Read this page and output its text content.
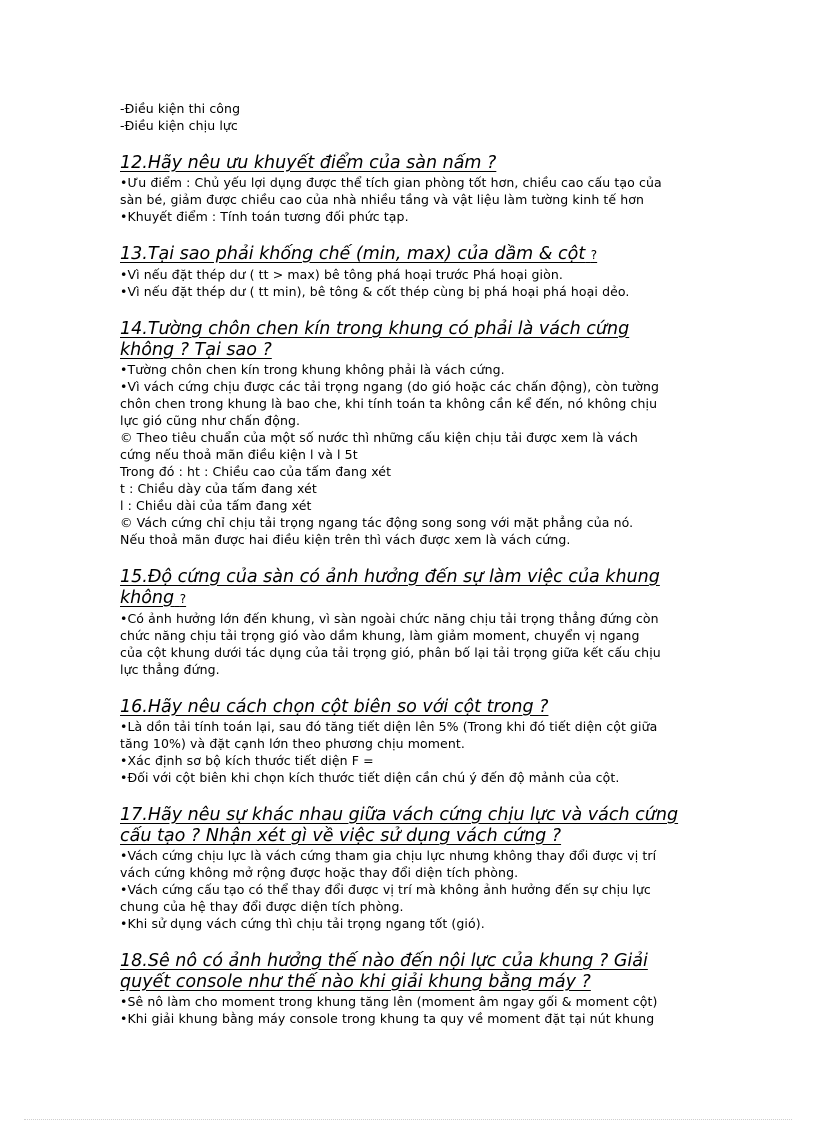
-Điều kiện thi công
-Điều kiện chịu lực
12.Hãy nêu ưu khuyết điểm của sàn nấm ?
•Ưu điểm : Chủ yếu lợi dụng được thể tích gian phòng tốt hơn, chiều cao cấu tạo của
sàn bé, giảm được chiều cao của nhà nhiều tầng và vật liệu làm tường kinh tế hơn
•Khuyết điểm : Tính toán tương đối phức tạp.
13.Tại sao phải khống chế (min, max) của dầm & cột ?
•Vì nếu đặt thép dư ( tt > max) bê tông phá hoại trước Phá hoại giòn.
•Vì nếu đặt thép dư ( tt min), bê tông & cốt thép cùng bị phá hoại phá hoại dẻo.
14.Tường chôn chen kín trong khung có phải là vách cứng
không ? Tại sao ?
•Tường chôn chen kín trong khung không phải là vách cứng.
•Vì vách cứng chịu được các tải trọng ngang (do gió hoặc các chấn động), còn tường
chôn chen trong khung là bao che, khi tính toán ta không cần kể đến, nó không chịu
lực gió cũng như chấn động.
© Theo tiêu chuẩn của một số nước thì những cấu kiện chịu tải được xem là vách
cứng nếu thoả mãn điều kiện l và l 5t
Trong đó : ht : Chiều cao của tấm đang xét
t : Chiều dày của tấm đang xét
l : Chiều dài của tấm đang xét
© Vách cứng chỉ chịu tải trọng ngang tác động song song với mặt phẳng của nó.
Nếu thoả mãn được hai điều kiện trên thì vách được xem là vách cứng.
15.Độ cứng của sàn có ảnh hưởng đến sự làm việc của khung
không ?
•Có ảnh hưởng lớn đến khung, vì sàn ngoài chức năng chịu tải trọng thẳng đứng còn
chức năng chịu tải trọng gió vào dầm khung, làm giảm moment, chuyển vị ngang
của cột khung dưới tác dụng của tải trọng gió, phân bố lại tải trọng giữa kết cấu chịu
lực thẳng đứng.
16.Hãy nêu cách chọn cột biên so với cột trong ?
•Là dồn tải tính toán lại, sau đó tăng tiết diện lên 5% (Trong khi đó tiết diện cột giữa
tăng 10%) và đặt cạnh lớn theo phương chịu moment.
•Xác định sơ bộ kích thước tiết diện F =
•Đối với cột biên khi chọn kích thước tiết diện cần chú ý đến độ mảnh của cột.
17.Hãy nêu sự khác nhau giữa vách cứng chịu lực và vách cứng
cấu tạo ? Nhận xét gì về việc sử dụng vách cứng ?
•Vách cứng chịu lực là vách cứng tham gia chịu lực nhưng không thay đổi được vị trí
vách cứng không mở rộng được hoặc thay đổi diện tích phòng.
•Vách cứng cấu tạo có thể thay đổi được vị trí mà không ảnh hưởng đến sự chịu lực
chung của hệ thay đổi được diện tích phòng.
•Khi sử dụng vách cứng thì chịu tải trọng ngang tốt (gió).
18.Sê nô có ảnh hưởng thế nào đến nội lực của khung ? Giải
quyết console như thế nào khi giải khung bằng máy ?
•Sê nô làm cho moment trong khung tăng lên (moment âm ngay gối & moment cột)
•Khi giải khung bằng máy console trong khung ta quy về moment đặt tại nút khung
